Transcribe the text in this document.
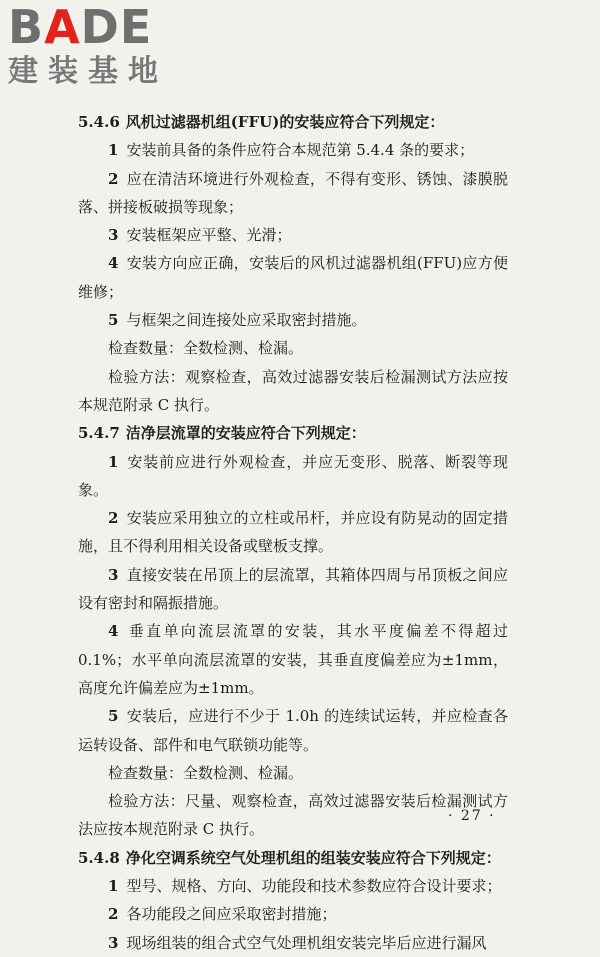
BADE
建装基地

5.4.6 风机过滤器机组(FFU)的安装应符合下列规定：

1 安装前具备的条件应符合本规范第 5.4.4 条的要求；

2 应在清洁环境进行外观检查，不得有变形、锈蚀、漆膜脱落、拼接板破损等现象；

3 安装框架应平整、光滑；

4 安装方向应正确，安装后的风机过滤器机组(FFU)应方便维修；

5 与框架之间连接处应采取密封措施。

检查数量：全数检测、检漏。

检验方法：观察检查，高效过滤器安装后检漏测试方法应按本规范附录 C 执行。

5.4.7 洁净层流罩的安装应符合下列规定：

1 安装前应进行外观检查，并应无变形、脱落、断裂等现象。

2 安装应采用独立的立柱或吊杆，并应设有防晃动的固定措施，且不得利用相关设备或壁板支撑。

3 直接安装在吊顶上的层流罩，其箱体四周与吊顶板之间应设有密封和隔振措施。

4 垂直单向流层流罩的安装，其水平度偏差不得超过 0.1%；水平单向流层流罩的安装，其垂直度偏差应为±1mm，高度允许偏差应为±1mm。

5 安装后，应进行不少于 1.0h 的连续试运转，并应检查各运转设备、部件和电气联锁功能等。

检查数量：全数检测、检漏。

检验方法：尺量、观察检查，高效过滤器安装后检漏测试方法应按本规范附录 C 执行。

5.4.8 净化空调系统空气处理机组的组装安装应符合下列规定：

1 型号、规格、方向、功能段和技术参数应符合设计要求；

2 各功能段之间应采取密封措施；

3 现场组装的组合式空气处理机组安装完毕后应进行漏风

· 27 ·
